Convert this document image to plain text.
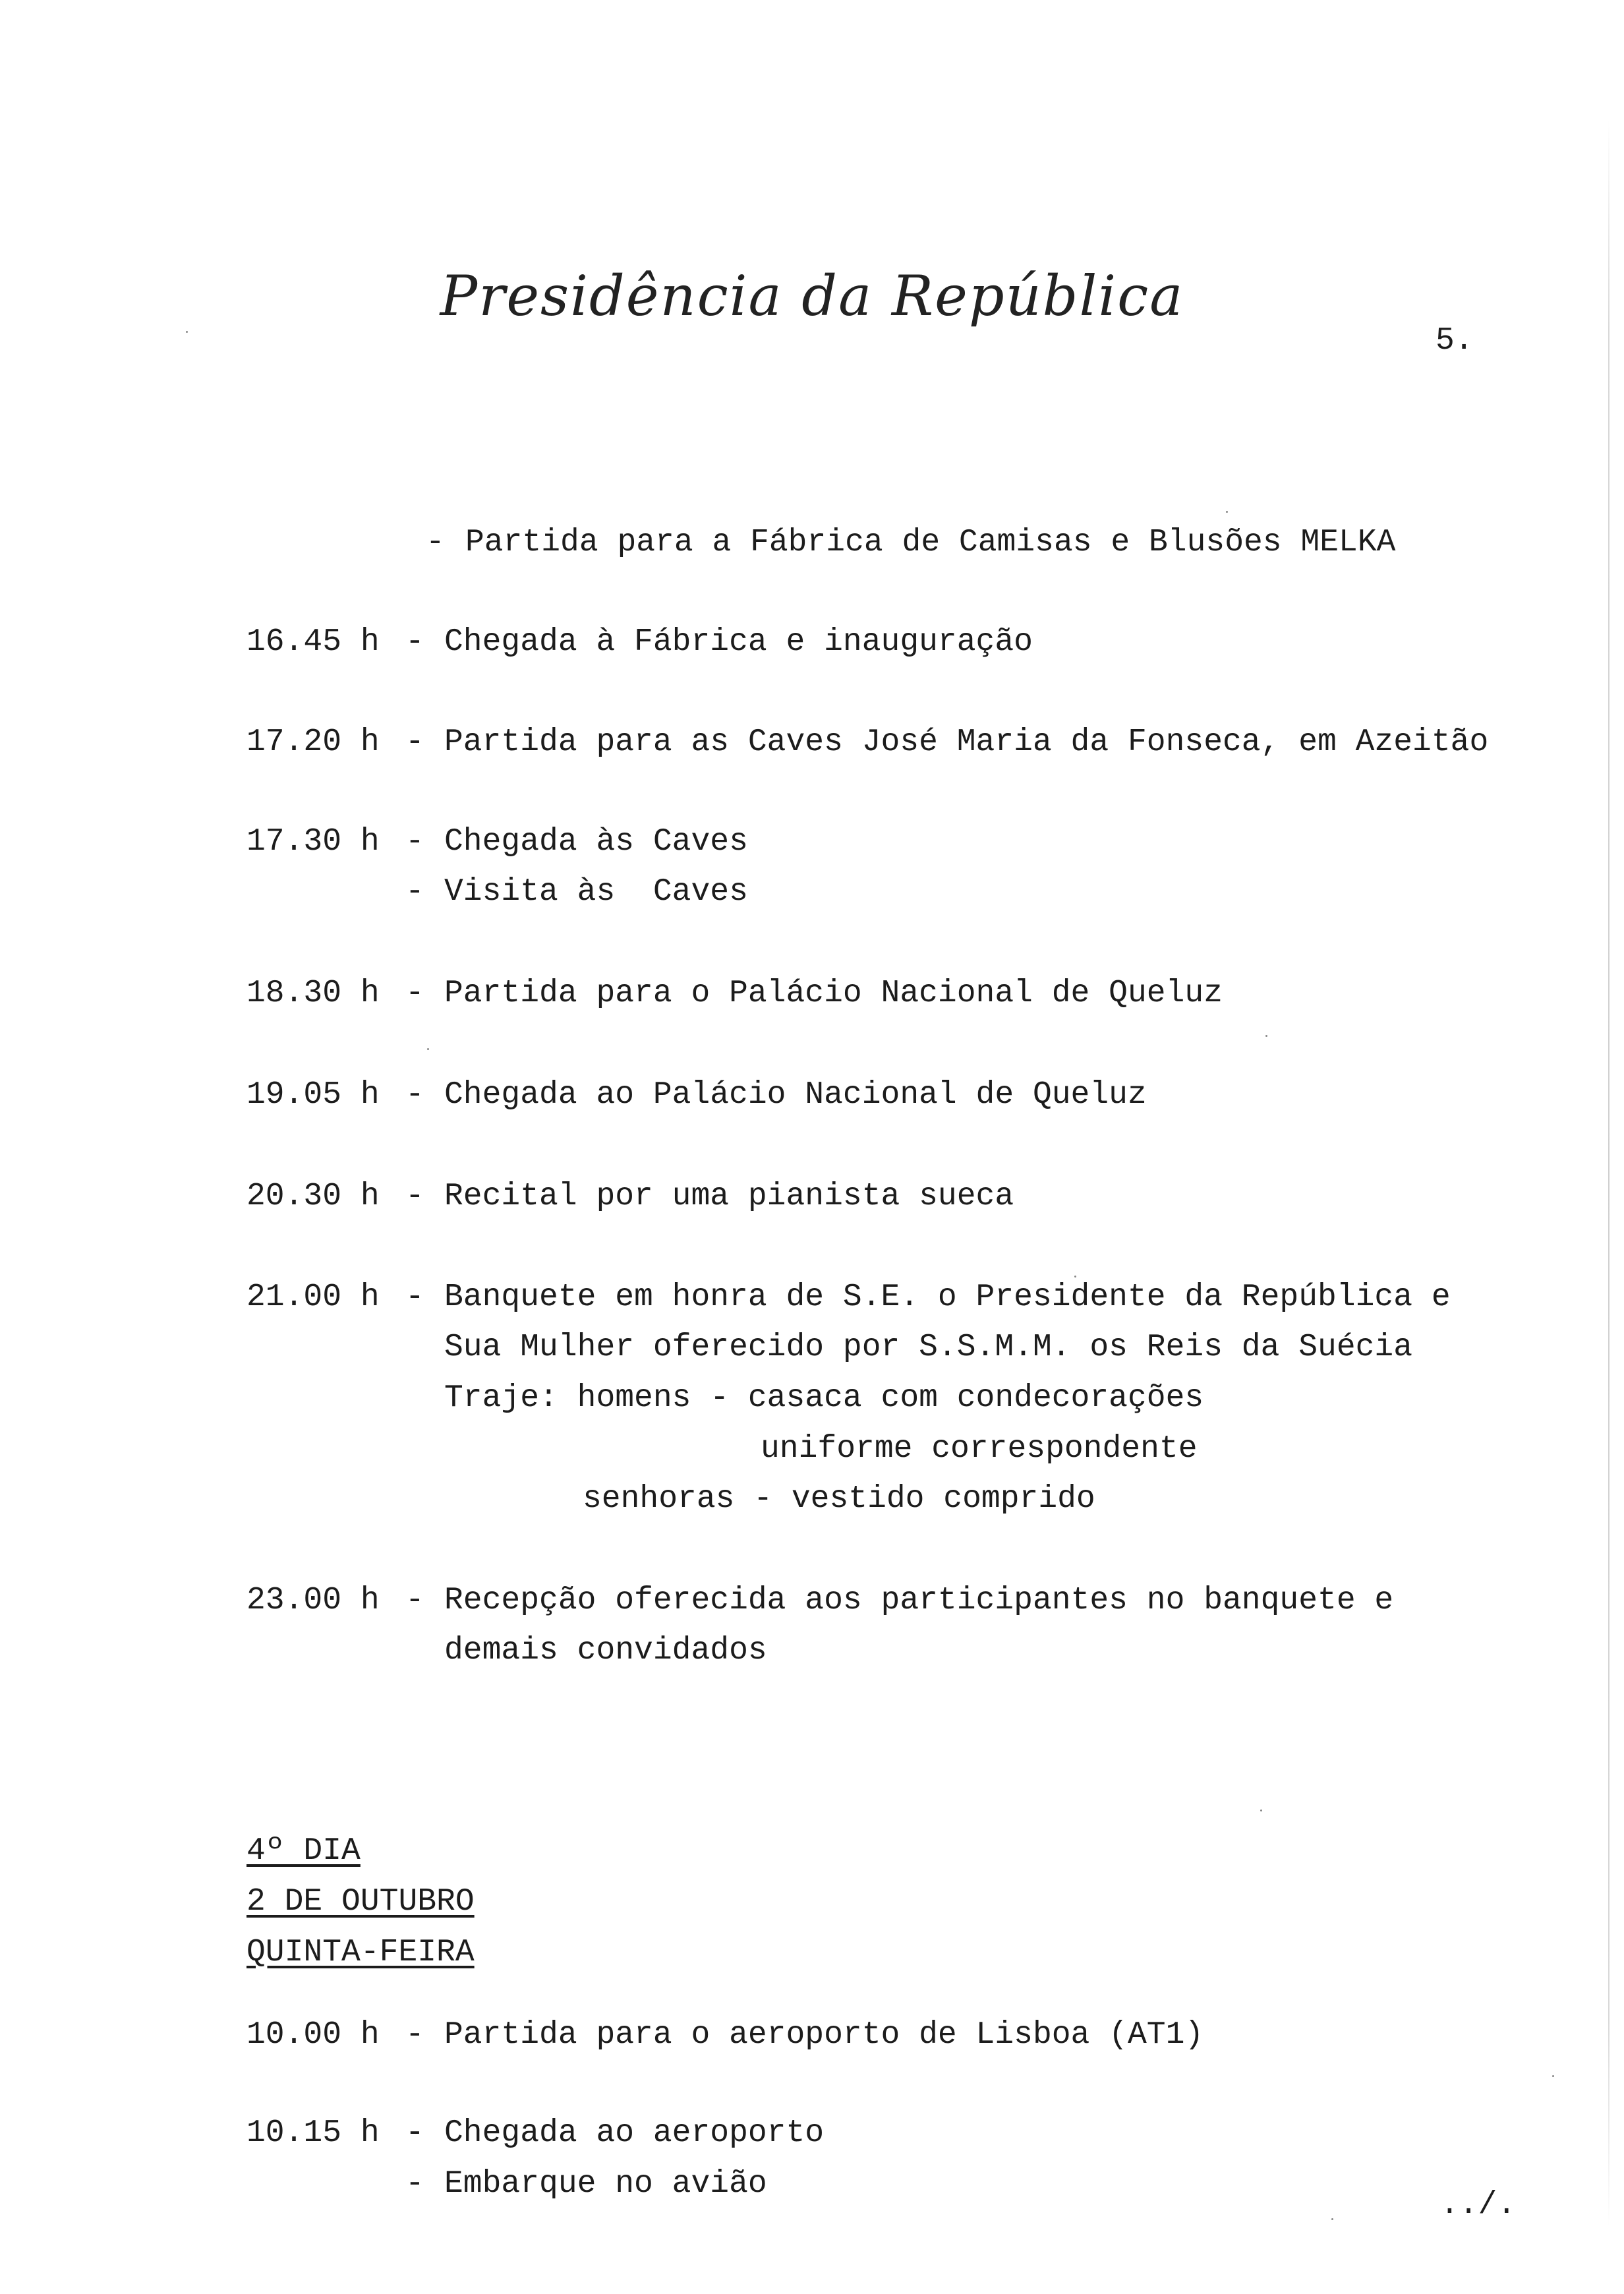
Presidência da República
5.
- Partida para a Fábrica de Camisas e Blusões MELKA
16.45 h - Chegada à Fábrica e inauguração
17.20 h - Partida para as Caves José Maria da Fonseca, em Azeitão
17.30 h - Chegada às Caves
- Visita às  Caves
18.30 h - Partida para o Palácio Nacional de Queluz
19.05 h - Chegada ao Palácio Nacional de Queluz
20.30 h - Recital por uma pianista sueca
21.00 h - Banquete em honra de S.E. o Presidente da República e
Sua Mulher oferecido por S.S.M.M. os Reis da Suécia
Traje: homens - casaca com condecorações
uniforme correspondente
senhoras - vestido comprido
23.00 h - Recepção oferecida aos participantes no banquete e
demais convidados
4º DIA
2 DE OUTUBRO
QUINTA-FEIRA
10.00 h - Partida para o aeroporto de Lisboa (AT1)
10.15 h - Chegada ao aeroporto
- Embarque no avião
../.
